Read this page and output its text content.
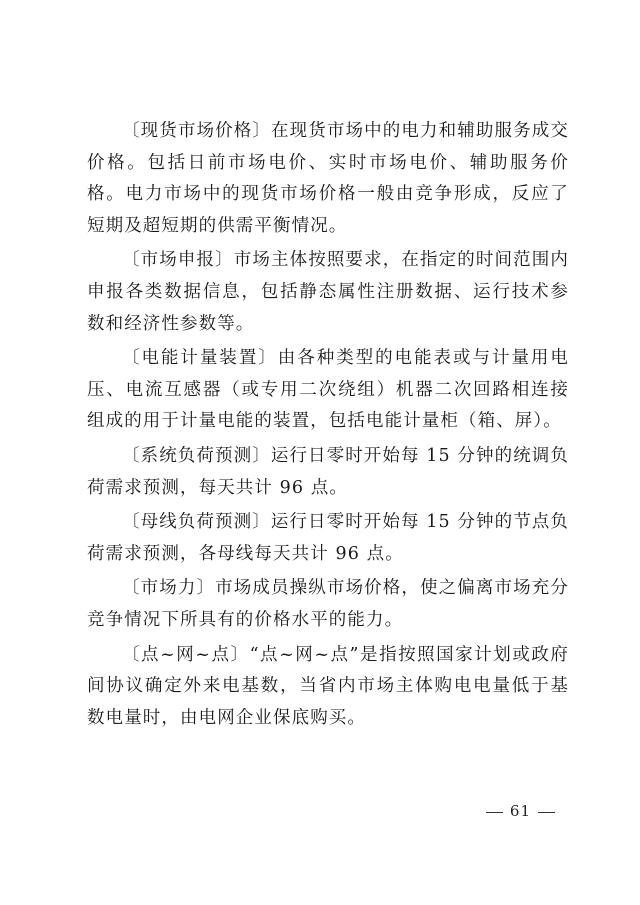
〔现货市场价格〕在现货市场中的电力和辅助服务成交价格。包括日前市场电价、实时市场电价、辅助服务价格。电力市场中的现货市场价格一般由竞争形成，反应了短期及超短期的供需平衡情况。

〔市场申报〕市场主体按照要求，在指定的时间范围内申报各类数据信息，包括静态属性注册数据、运行技术参数和经济性参数等。

〔电能计量装置〕由各种类型的电能表或与计量用电压、电流互感器（或专用二次绕组）机器二次回路相连接组成的用于计量电能的装置，包括电能计量柜（箱、屏）。

〔系统负荷预测〕运行日零时开始每 15 分钟的统调负荷需求预测，每天共计 96 点。

〔母线负荷预测〕运行日零时开始每 15 分钟的节点负荷需求预测，各母线每天共计 96 点。

〔市场力〕市场成员操纵市场价格，使之偏离市场充分竞争情况下所具有的价格水平的能力。

〔点~网~点〕“点~网~点”是指按照国家计划或政府间协议确定外来电基数，当省内市场主体购电电量低于基数电量时，由电网企业保底购买。

61
